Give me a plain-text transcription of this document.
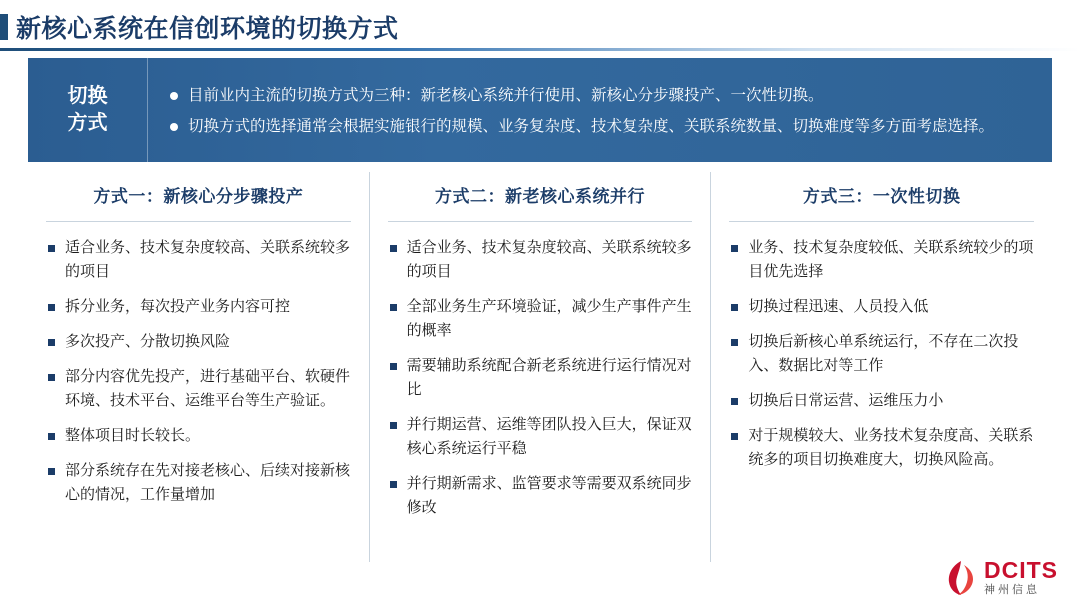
新核心系统在信创环境的切换方式
切换
方式
目前业内主流的切换方式为三种：新老核心系统并行使用、新核心分步骤投产、一次性切换。
切换方式的选择通常会根据实施银行的规模、业务复杂度、技术复杂度、关联系统数量、切换难度等多方面考虑选择。
方式一：新核心分步骤投产
适合业务、技术复杂度较高、关联系统较多的项目
拆分业务，每次投产业务内容可控
多次投产、分散切换风险
部分内容优先投产，进行基础平台、软硬件环境、技术平台、运维平台等生产验证。
整体项目时长较长。
部分系统存在先对接老核心、后续对接新核心的情况，工作量增加
方式二：新老核心系统并行
适合业务、技术复杂度较高、关联系统较多的项目
全部业务生产环境验证，减少生产事件产生的概率
需要辅助系统配合新老系统进行运行情况对比
并行期运营、运维等团队投入巨大，保证双核心系统运行平稳
并行期新需求、监管要求等需要双系统同步修改
方式三：一次性切换
业务、技术复杂度较低、关联系统较少的项目优先选择
切换过程迅速、人员投入低
切换后新核心单系统运行，不存在二次投入、数据比对等工作
切换后日常运营、运维压力小
对于规模较大、业务技术复杂度高、关联系统多的项目切换难度大，切换风险高。
DCITS
神州信息
